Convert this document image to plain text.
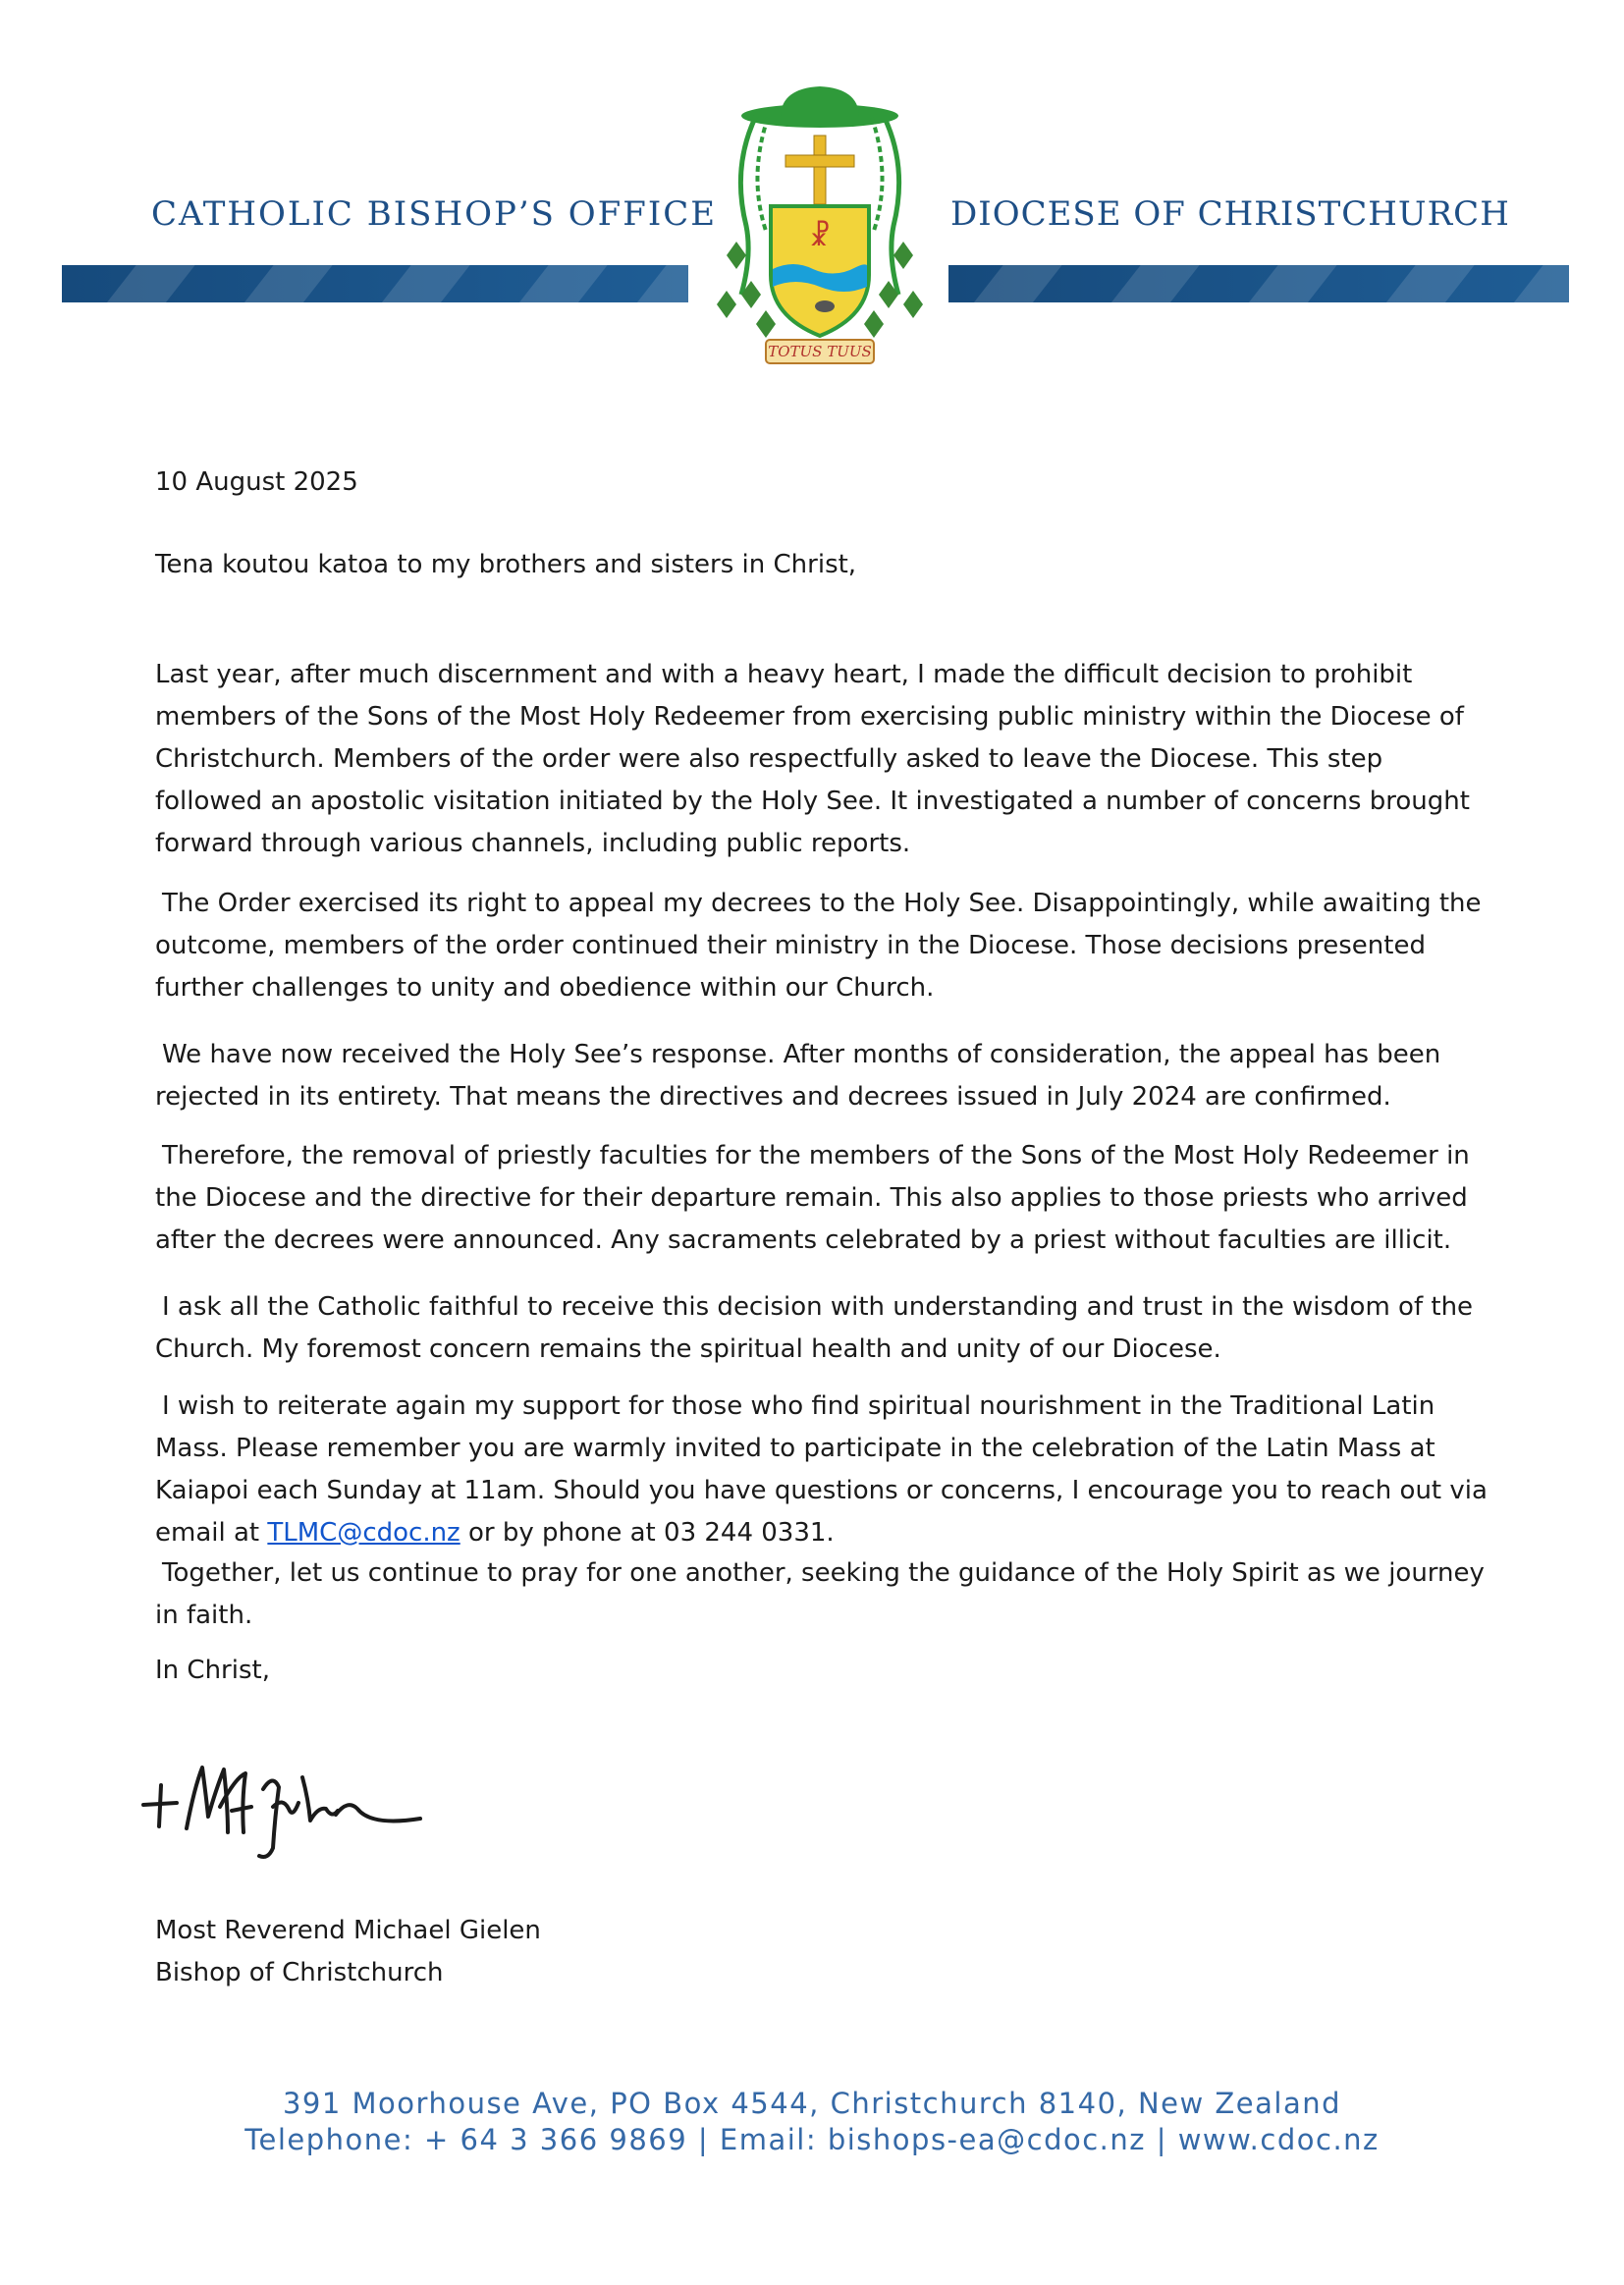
CATHOLIC BISHOP’S OFFICE	DIOCESE OF CHRISTCHURCH
☧
TOTUS TUUS
10 August 2025
Tena koutou katoa to my brothers and sisters in Christ,

Last year, after much discernment and with a heavy heart, I made the difficult decision to prohibit members of the Sons of the Most Holy Redeemer from exercising public ministry within the Diocese of Christchurch. Members of the order were also respectfully asked to leave the Diocese. This step followed an apostolic visitation initiated by the Holy See. It investigated a number of concerns brought forward through various channels, including public reports.

The Order exercised its right to appeal my decrees to the Holy See. Disappointingly, while awaiting the outcome, members of the order continued their ministry in the Diocese. Those decisions presented further challenges to unity and obedience within our Church.

We have now received the Holy See’s response. After months of consideration, the appeal has been rejected in its entirety. That means the directives and decrees issued in July 2024 are confirmed.

Therefore, the removal of priestly faculties for the members of the Sons of the Most Holy Redeemer in the Diocese and the directive for their departure remain. This also applies to those priests who arrived after the decrees were announced. Any sacraments celebrated by a priest without faculties are illicit.

I ask all the Catholic faithful to receive this decision with understanding and trust in the wisdom of the Church. My foremost concern remains the spiritual health and unity of our Diocese.

I wish to reiterate again my support for those who find spiritual nourishment in the Traditional Latin Mass. Please remember you are warmly invited to participate in the celebration of the Latin Mass at Kaiapoi each Sunday at 11am. Should you have questions or concerns, I encourage you to reach out via email at TLMC@cdoc.nz or by phone at 03 244 0331.

Together, let us continue to pray for one another, seeking the guidance of the Holy Spirit as we journey in faith.

In Christ,
Most Reverend Michael Gielen
Bishop of Christchurch
391 Moorhouse Ave, PO Box 4544, Christchurch 8140, New Zealand
Telephone: + 64 3 366 9869 | Email: bishops-ea@cdoc.nz | www.cdoc.nz
